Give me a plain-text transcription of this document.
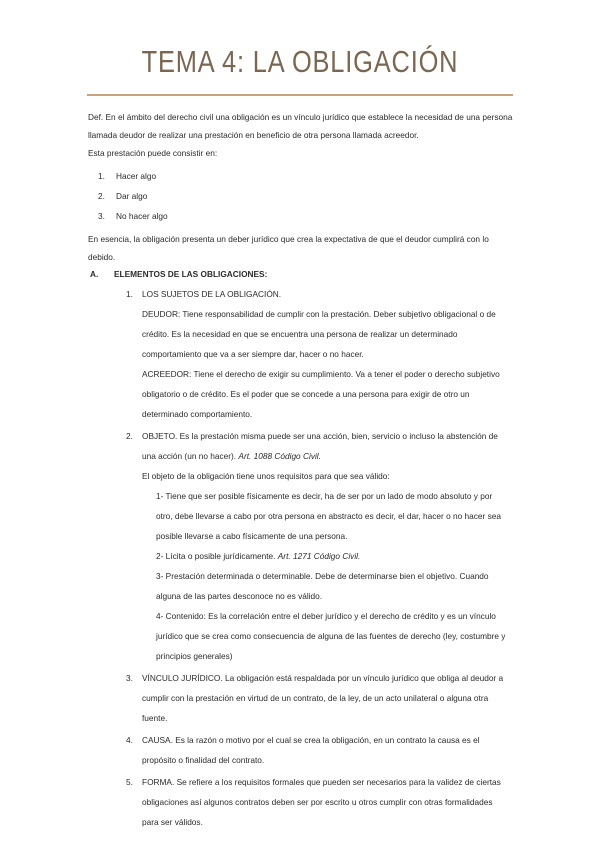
TEMA 4: LA OBLIGACIÓN

Def. En el ámbito del derecho civil una obligación es un vínculo jurídico que establece la necesidad de una persona llamada deudor de realizar una prestación en beneficio de otra persona llamada acreedor.

Esta prestación puede consistir en:

1.	Hacer algo
2.	Dar algo
3.	No hacer algo

En esencia, la obligación presenta un deber jurídico que crea la expectativa de que el deudor cumplirá con lo debido.

A.	ELEMENTOS DE LAS OBLIGACIONES:
1.	LOS SUJETOS DE LA OBLIGACIÓN.

DEUDOR: Tiene responsabilidad de cumplir con la prestación. Deber subjetivo obligacional o de crédito. Es la necesidad en que se encuentra una persona de realizar un determinado comportamiento que va a ser siempre dar, hacer o no hacer.

ACREEDOR: Tiene el derecho de exigir su cumplimiento. Va a tener el poder o derecho subjetivo obligatorio o de crédito. Es el poder que se concede a una persona para exigir de otro un determinado comportamiento.

2.	OBJETO. Es la prestación misma puede ser una acción, bien, servicio o incluso la abstención de una acción (un no hacer). Art. 1088 Código Civil.

El objeto de la obligación tiene unos requisitos para que sea válido:

1- Tiene que ser posible físicamente es decir, ha de ser por un lado de modo absoluto y por otro, debe llevarse a cabo por otra persona en abstracto es decir, el dar, hacer o no hacer sea posible llevarse a cabo físicamente de una persona.

2- Lícita o posible jurídicamente. Art. 1271 Código Civil.

3- Prestación determinada o determinable. Debe de determinarse bien el objetivo. Cuando alguna de las partes desconoce no es válido.

4- Contenido: Es la correlación entre el deber jurídico y el derecho de crédito y es un vínculo jurídico que se crea como consecuencia de alguna de las fuentes de derecho (ley, costumbre y principios generales)

3.	VÍNCULO JURÍDICO. La obligación está respaldada por un vínculo jurídico que obliga al deudor a cumplir con la prestación en virtud de un contrato, de la ley, de un acto unilateral o alguna otra fuente.

4.	CAUSA. Es la razón o motivo por el cual se crea la obligación, en un contrato la causa es el propósito o finalidad del contrato.

5.	FORMA. Se refiere a los requisitos formales que pueden ser necesarios para la validez de ciertas obligaciones así algunos contratos deben ser por escrito u otros cumplir con otras formalidades para ser válidos.
